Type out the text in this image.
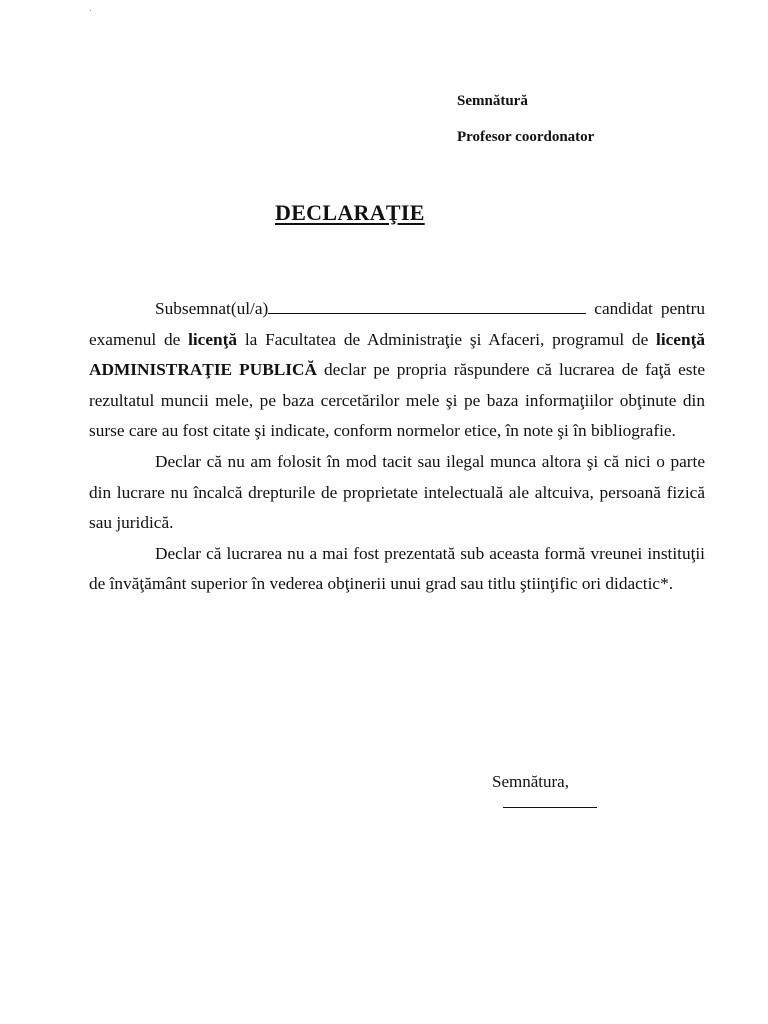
Semnătură
Profesor coordonator
DECLARAŢIE

Subsemnat(ul/a)	candidat pentru examenul de licenţă la Facultatea de Administraţie şi Afaceri, programul de licenţă ADMINISTRAŢIE PUBLICĂ declar pe propria răspundere că lucrarea de faţă este rezultatul muncii mele, pe baza cercetărilor mele şi pe baza informaţiilor obţinute din surse care au fost citate şi indicate, conform normelor etice, în note şi în bibliografie.

Declar că nu am folosit în mod tacit sau ilegal munca altora şi că nici o parte din lucrare nu încalcă drepturile de proprietate intelectuală ale altcuiva, persoană fizică sau juridică.

Declar că lucrarea nu a mai fost prezentată sub aceasta formă vreunei instituţii de învăţământ superior în vederea obţinerii unui grad sau titlu ştiinţific ori didactic*.

Semnătura,
